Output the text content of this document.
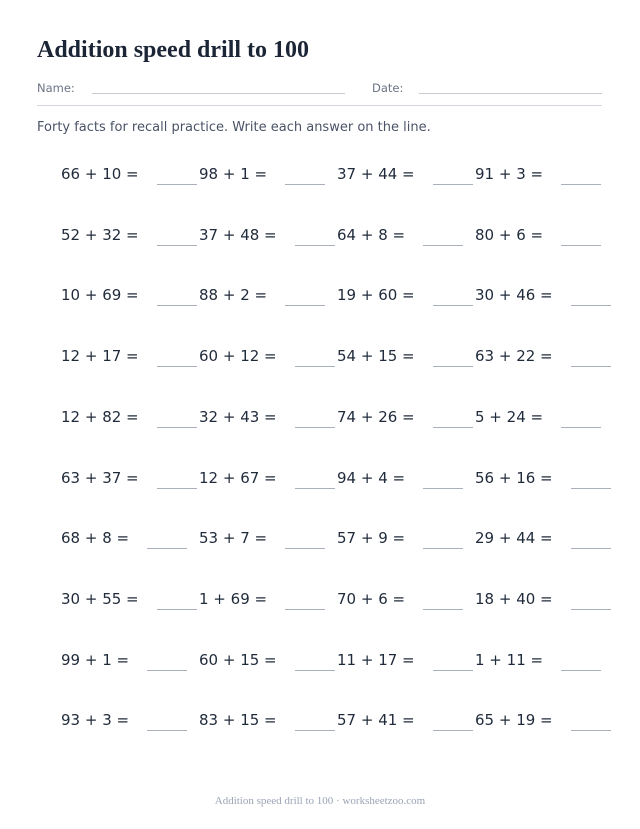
Addition speed drill to 100
Name:	Date:

Forty facts for recall practice. Write each answer on the line.

66 + 10 =	98 + 1 =	37 + 44 =	91 + 3 =
52 + 32 =	37 + 48 =	64 + 8 =	80 + 6 =
10 + 69 =	88 + 2 =	19 + 60 =	30 + 46 =
12 + 17 =	60 + 12 =	54 + 15 =	63 + 22 =
12 + 82 =	32 + 43 =	74 + 26 =	5 + 24 =
63 + 37 =	12 + 67 =	94 + 4 =	56 + 16 =
68 + 8 =	53 + 7 =	57 + 9 =	29 + 44 =
30 + 55 =	1 + 69 =	70 + 6 =	18 + 40 =
99 + 1 =	60 + 15 =	11 + 17 =	1 + 11 =
93 + 3 =	83 + 15 =	57 + 41 =	65 + 19 =
Addition speed drill to 100 · worksheetzoo.com
